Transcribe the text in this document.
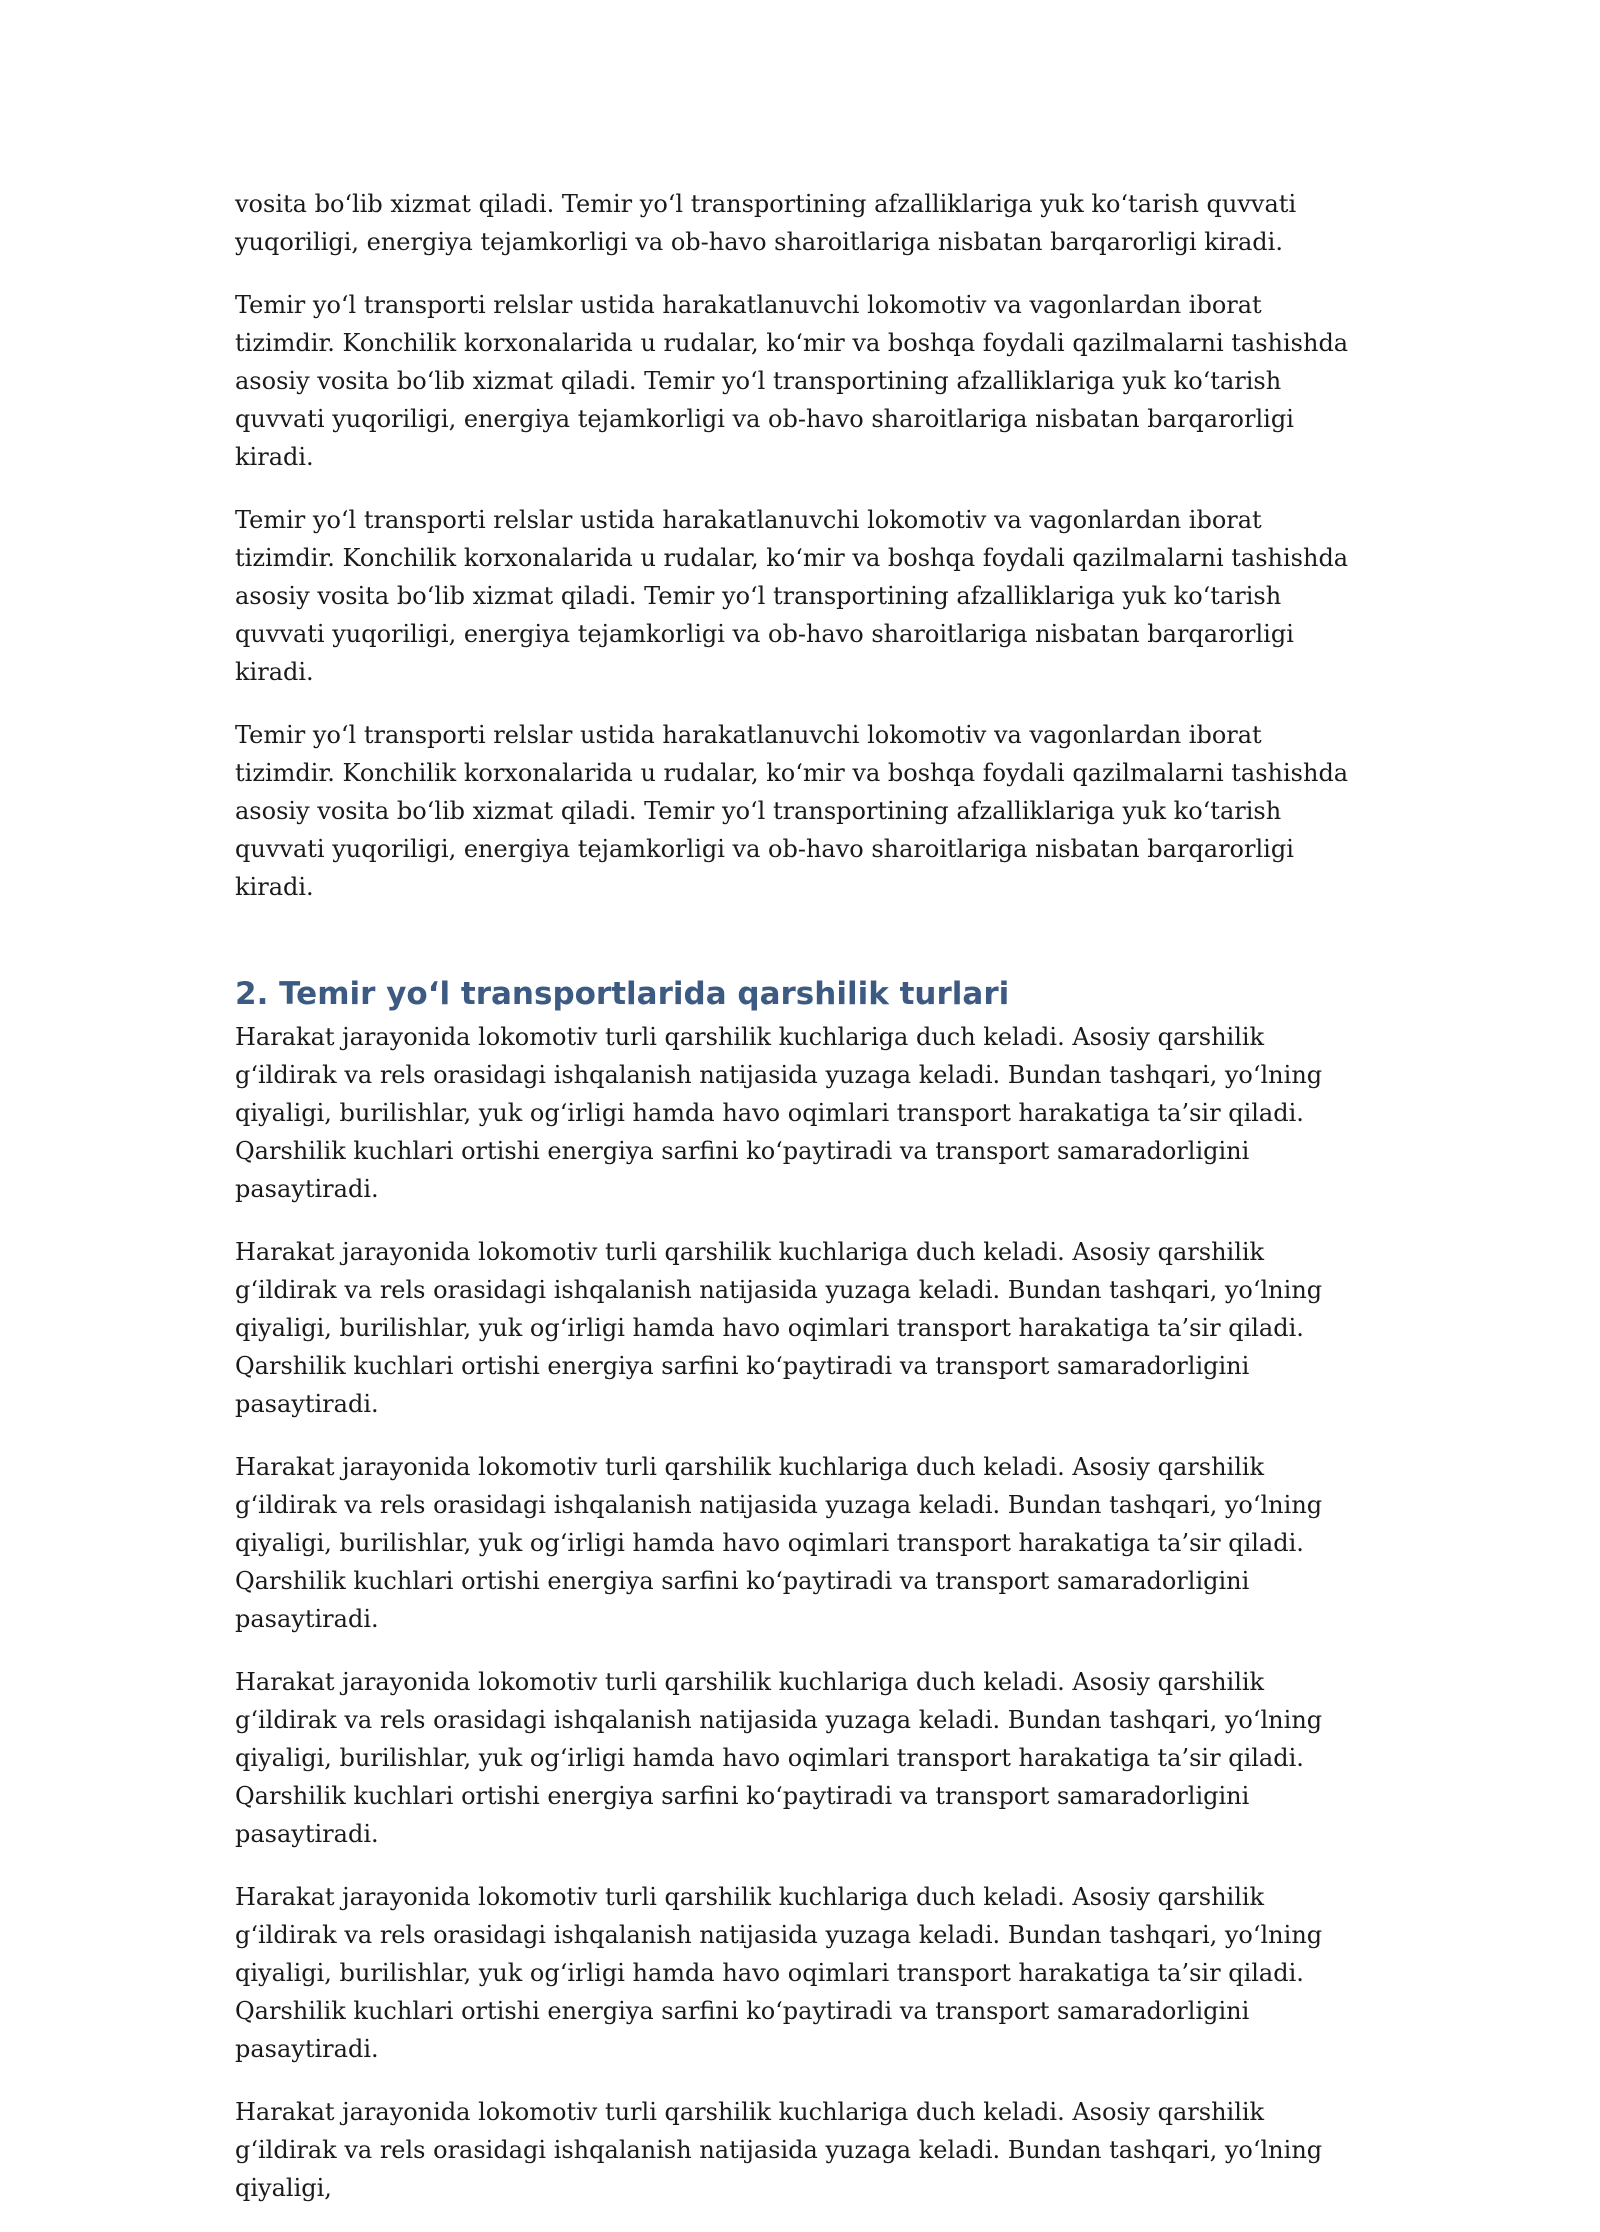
vosita bo‘lib xizmat qiladi. Temir yo‘l transportining afzalliklariga yuk ko‘tarish quvvati yuqoriligi, energiya tejamkorligi va ob-havo sharoitlariga nisbatan barqarorligi kiradi.

Temir yo‘l transporti relslar ustida harakatlanuvchi lokomotiv va vagonlardan iborat tizimdir. Konchilik korxonalarida u rudalar, ko‘mir va boshqa foydali qazilmalarni tashishda asosiy vosita bo‘lib xizmat qiladi. Temir yo‘l transportining afzalliklariga yuk ko‘tarish quvvati yuqoriligi, energiya tejamkorligi va ob-havo sharoitlariga nisbatan barqarorligi kiradi.

Temir yo‘l transporti relslar ustida harakatlanuvchi lokomotiv va vagonlardan iborat tizimdir. Konchilik korxonalarida u rudalar, ko‘mir va boshqa foydali qazilmalarni tashishda asosiy vosita bo‘lib xizmat qiladi. Temir yo‘l transportining afzalliklariga yuk ko‘tarish quvvati yuqoriligi, energiya tejamkorligi va ob-havo sharoitlariga nisbatan barqarorligi kiradi.

Temir yo‘l transporti relslar ustida harakatlanuvchi lokomotiv va vagonlardan iborat tizimdir. Konchilik korxonalarida u rudalar, ko‘mir va boshqa foydali qazilmalarni tashishda asosiy vosita bo‘lib xizmat qiladi. Temir yo‘l transportining afzalliklariga yuk ko‘tarish quvvati yuqoriligi, energiya tejamkorligi va ob-havo sharoitlariga nisbatan barqarorligi kiradi.

2. Temir yo‘l transportlarida qarshilik turlari

Harakat jarayonida lokomotiv turli qarshilik kuchlariga duch keladi. Asosiy qarshilik g‘ildirak va rels orasidagi ishqalanish natijasida yuzaga keladi. Bundan tashqari, yo‘lning qiyaligi, burilishlar, yuk og‘irligi hamda havo oqimlari transport harakatiga ta’sir qiladi. Qarshilik kuchlari ortishi energiya sarfini ko‘paytiradi va transport samaradorligini pasaytiradi.

Harakat jarayonida lokomotiv turli qarshilik kuchlariga duch keladi. Asosiy qarshilik g‘ildirak va rels orasidagi ishqalanish natijasida yuzaga keladi. Bundan tashqari, yo‘lning qiyaligi, burilishlar, yuk og‘irligi hamda havo oqimlari transport harakatiga ta’sir qiladi. Qarshilik kuchlari ortishi energiya sarfini ko‘paytiradi va transport samaradorligini pasaytiradi.

Harakat jarayonida lokomotiv turli qarshilik kuchlariga duch keladi. Asosiy qarshilik g‘ildirak va rels orasidagi ishqalanish natijasida yuzaga keladi. Bundan tashqari, yo‘lning qiyaligi, burilishlar, yuk og‘irligi hamda havo oqimlari transport harakatiga ta’sir qiladi. Qarshilik kuchlari ortishi energiya sarfini ko‘paytiradi va transport samaradorligini pasaytiradi.

Harakat jarayonida lokomotiv turli qarshilik kuchlariga duch keladi. Asosiy qarshilik g‘ildirak va rels orasidagi ishqalanish natijasida yuzaga keladi. Bundan tashqari, yo‘lning qiyaligi, burilishlar, yuk og‘irligi hamda havo oqimlari transport harakatiga ta’sir qiladi. Qarshilik kuchlari ortishi energiya sarfini ko‘paytiradi va transport samaradorligini pasaytiradi.

Harakat jarayonida lokomotiv turli qarshilik kuchlariga duch keladi. Asosiy qarshilik g‘ildirak va rels orasidagi ishqalanish natijasida yuzaga keladi. Bundan tashqari, yo‘lning qiyaligi, burilishlar, yuk og‘irligi hamda havo oqimlari transport harakatiga ta’sir qiladi. Qarshilik kuchlari ortishi energiya sarfini ko‘paytiradi va transport samaradorligini pasaytiradi.

Harakat jarayonida lokomotiv turli qarshilik kuchlariga duch keladi. Asosiy qarshilik g‘ildirak va rels orasidagi ishqalanish natijasida yuzaga keladi. Bundan tashqari, yo‘lning qiyaligi,
